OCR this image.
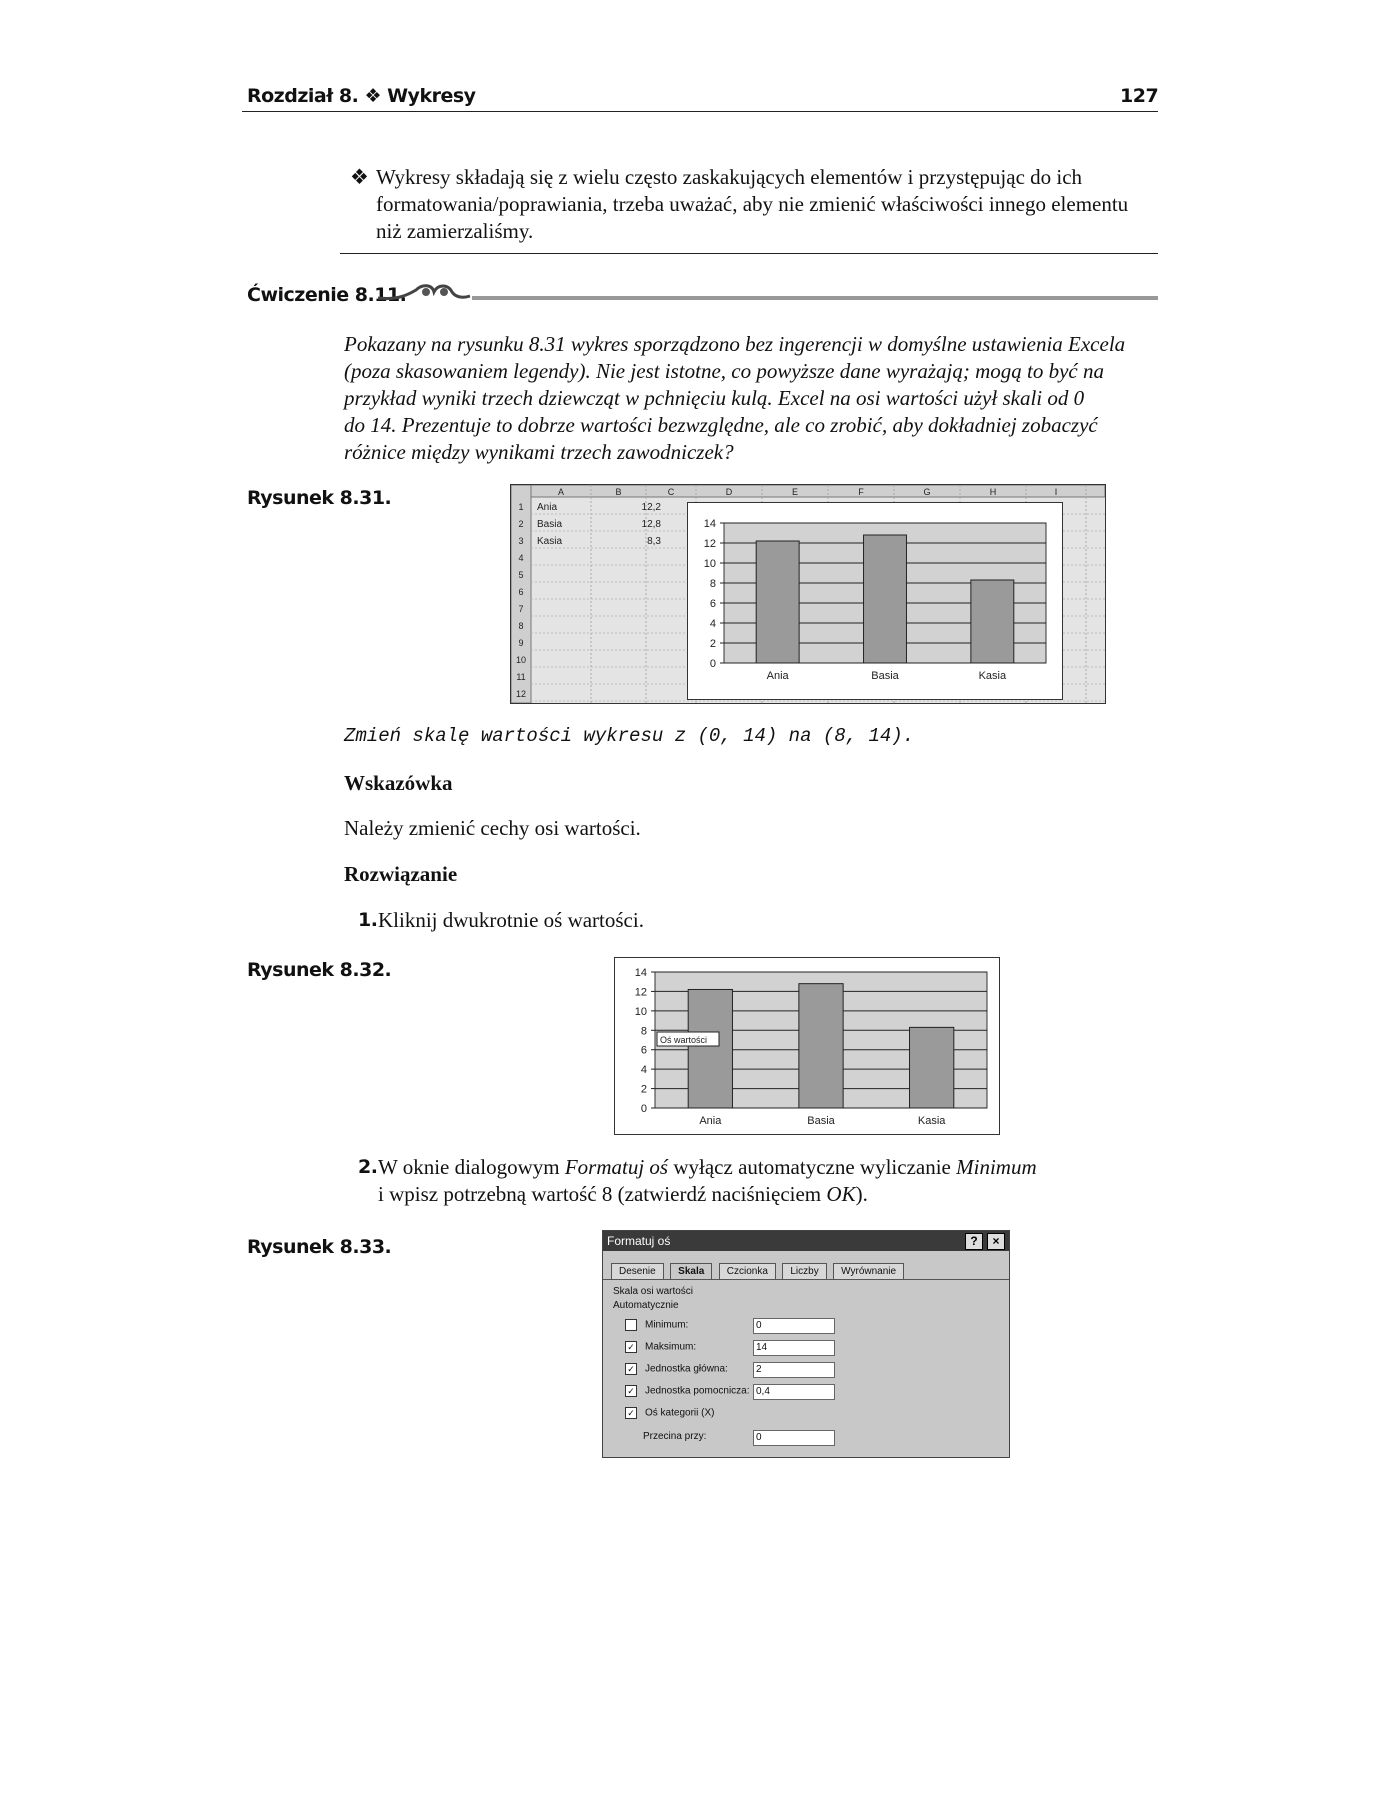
Rozdział 8. ❖ Wykresy	127
❖ Wykresy składają się z wielu często zaskakujących elementów i przystępując do ich
formatowania/poprawiania, trzeba uważać, aby nie zmienić właściwości innego elementu
niż zamierzaliśmy.
Ćwiczenie 8.11.
Pokazany na rysunku 8.31 wykres sporządzono bez ingerencji w domyślne ustawienia Excela
(poza skasowaniem legendy). Nie jest istotne, co powyższe dane wyrażają; mogą to być na
przykład wyniki trzech dziewcząt w pchnięciu kulą. Excel na osi wartości użył skali od 0
do 14. Prezentuje to dobrze wartości bezwzględne, ale co zrobić, aby dokładniej zobaczyć
różnice między wynikami trzech zawodniczek?
Rysunek 8.31.	A	B	C	D	E	F	G	H	I
1
2
3
4
5
6
7
8
9
10
11
12
Ania	12,2
Basia	12,8
Kasia	8,3
0
2
4
6
8
10
12
14
Ania	Basia	Kasia
Zmień skalę wartości wykresu z (0, 14) na (8, 14).
Wskazówka
Należy zmienić cechy osi wartości.
Rozwiązanie
1. Kliknij dwukrotnie oś wartości.
Rysunek 8.32.
0
2
4
6
8
10
12
14
Ania	Basia	Kasia
Oś wartości
2. W oknie dialogowym Formatuj oś wyłącz automatyczne wyliczanie Minimum
i wpisz potrzebną wartość 8 (zatwierdź naciśnięciem OK).
Rysunek 8.33.	Formatuj oś	?	×
Desenie Skala Czcionka Liczby Wyrównanie
Skala osi wartości
Automatycznie
Minimum:	0
✓ Maksimum:	14
✓ Jednostka główna:	2
✓ Jednostka pomocnicza: 0,4
✓ Oś kategorii (X)
Przecina przy:	0
